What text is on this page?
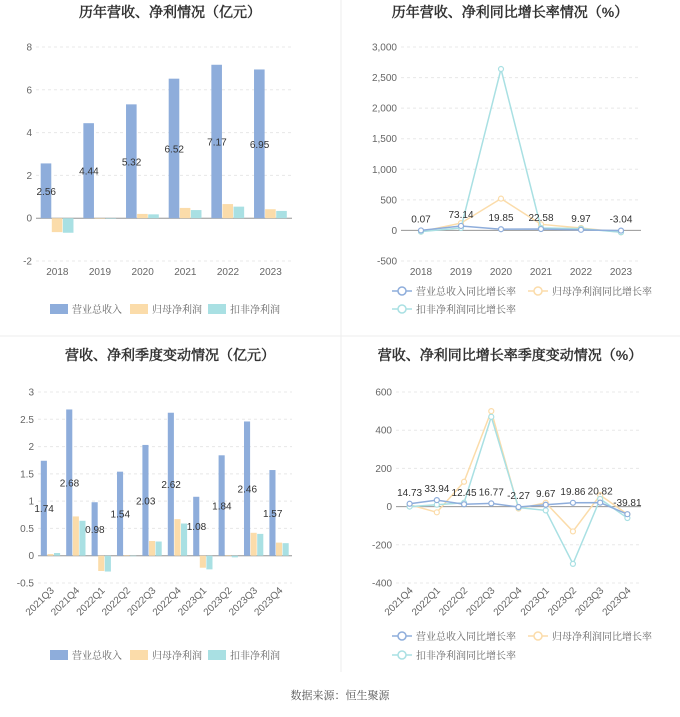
数据来源：恒生聚源
历年营收、净利情况（亿元）
-2
0
2
4
6
8
2018 2019 2020 2021 2022 2023
2.56
4.44
5.32
6.52
7.17 6.95
营业总收入	归母净利润	扣非净利润
历年营收、净利同比增长率情况（%）
-500
0
500
1,000
1,500
2,000
2,500
3,000
2018 2019 2020 2021 2022 2023
0.07 73.14 19.85 22.58 9.97 -3.04
营业总收入同比增长率	归母净利润同比增长率
扣非净利润同比增长率
营收、净利季度变动情况（亿元）
-0.5
0
0.5
1
1.5
2
2.5
3
2021Q3
2021Q4
2022Q1
2022Q2
2022Q3
2022Q4
2023Q1
2023Q2
2023Q3
2023Q4
1.74
2.68
0.98
1.54
2.03
2.62
1.08
1.84
2.46
1.57
营业总收入	归母净利润	扣非净利润
营收、净利同比增长率季度变动情况（%）
-400
-200
0
200
400
600
2021Q4
2022Q1
2022Q2
2022Q3
2022Q4
2023Q1
2023Q2
2023Q3
2023Q4
14.73 33.94 12.45 16.77 -2.27 9.67 19.86 20.82
-39.81
营业总收入同比增长率	归母净利润同比增长率
扣非净利润同比增长率
